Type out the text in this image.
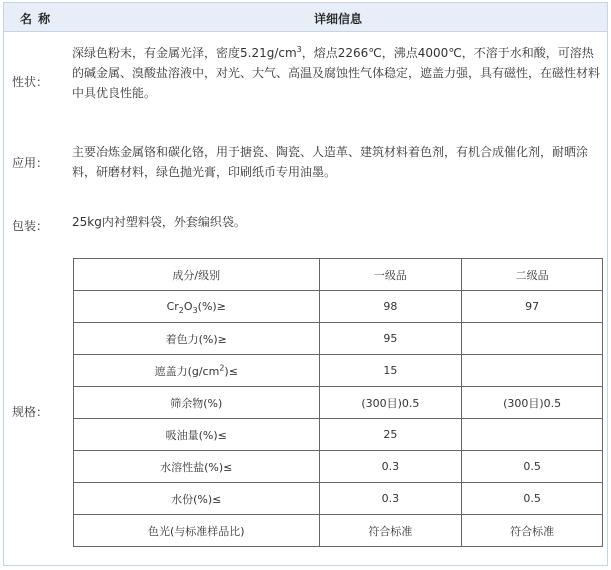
名 称	详细信息
性状：
深绿色粉末，有金属光泽，密度$5.21g/cm^3$，熔点2266℃，沸点4000℃，不溶于水和酸，可溶热的碱金属、溴酸盐溶液中，对光、大气、高温及腐蚀性气体稳定，遮盖力强，具有磁性，在磁性材料中具优良性能。
应用：
主要冶炼金属铬和碳化铬，用于搪瓷、陶瓷、人造革、建筑材料着色剂，有机合成催化剂，耐晒涂料，研磨材料，绿色抛光膏，印刷纸币专用油墨。
包装： 25kg内衬塑料袋，外套编织袋。
规格：
成分/级别	一级品	二级品
$Cr_2O_3(\%)\ge$	98	97
着色力(%)≥	95	
遮盖力$(g/cm^2)\le$	15	
筛余物(%)	(300目)0.5	(300目)0.5
吸油量(%)≤	25	
水溶性盐(%)≤	0.3	0.5
水份(%)≤	0.3	0.5
色光(与标准样品比)	符合标准	符合标准
